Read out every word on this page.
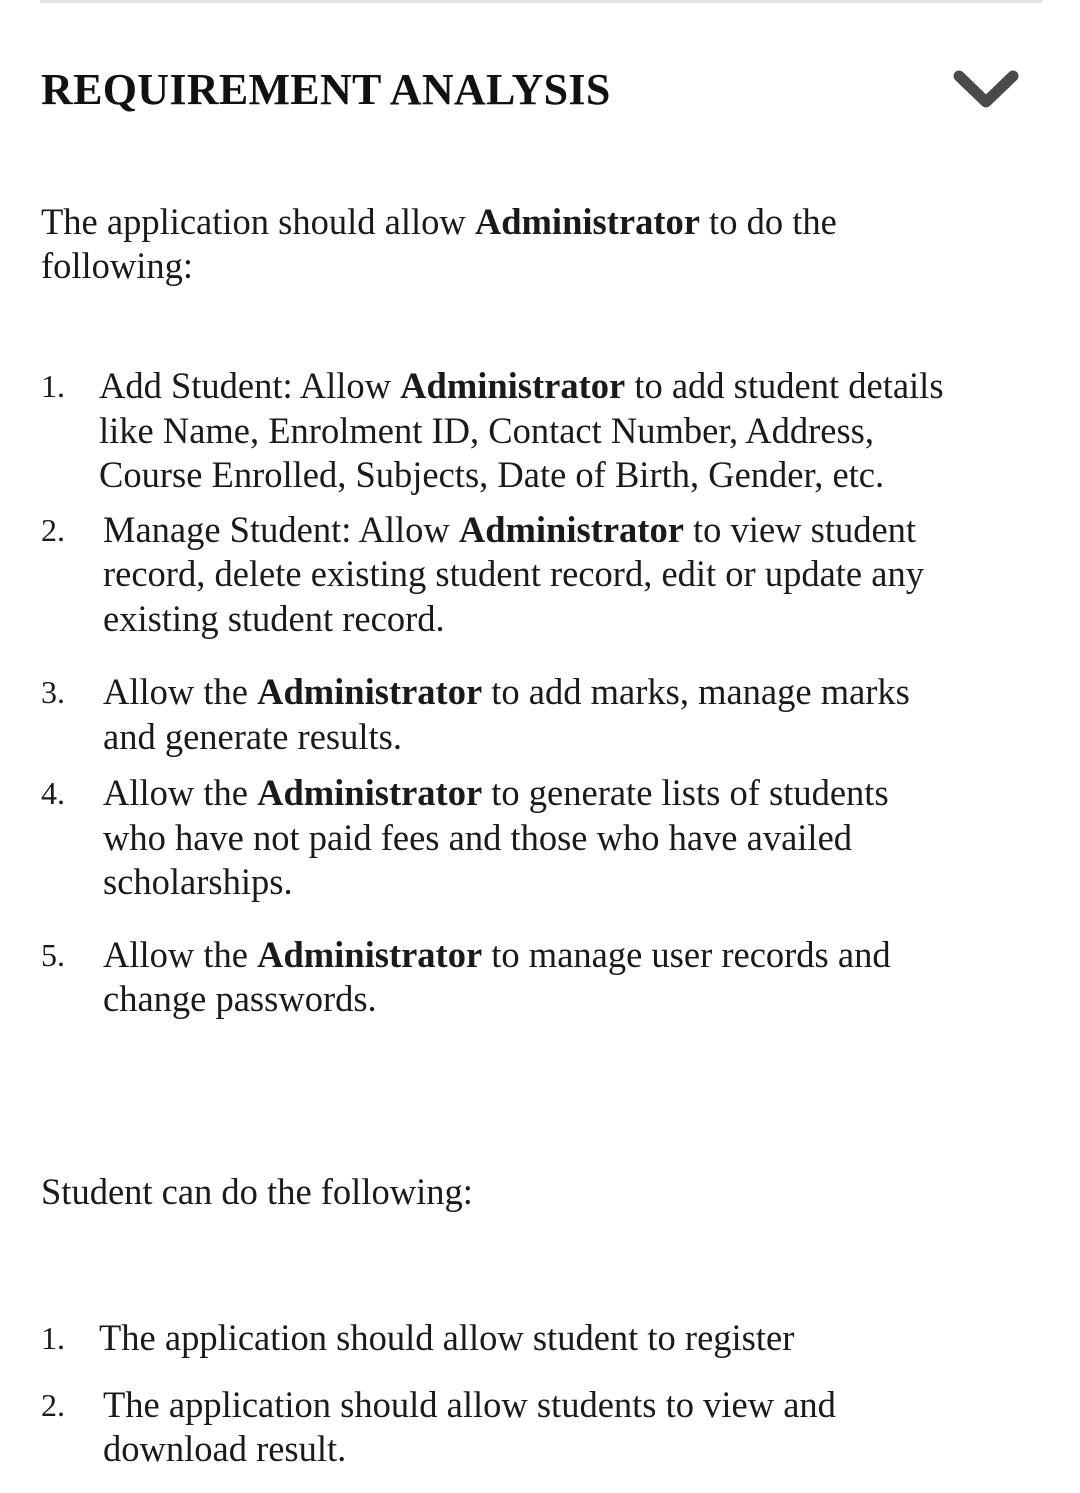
REQUIREMENT ANALYSIS

The application should allow Administrator to do the following:

1. Add Student: Allow Administrator to add student details like Name, Enrolment ID, Contact Number, Address, Course Enrolled, Subjects, Date of Birth, Gender, etc.
2. Manage Student: Allow Administrator to view student record, delete existing student record, edit or update any existing student record.
3. Allow the Administrator to add marks, manage marks and generate results.
4. Allow the Administrator to generate lists of students who have not paid fees and those who have availed scholarships.
5. Allow the Administrator to manage user records and change passwords.

Student can do the following:

1. The application should allow student to register
2. The application should allow students to view and download result.
